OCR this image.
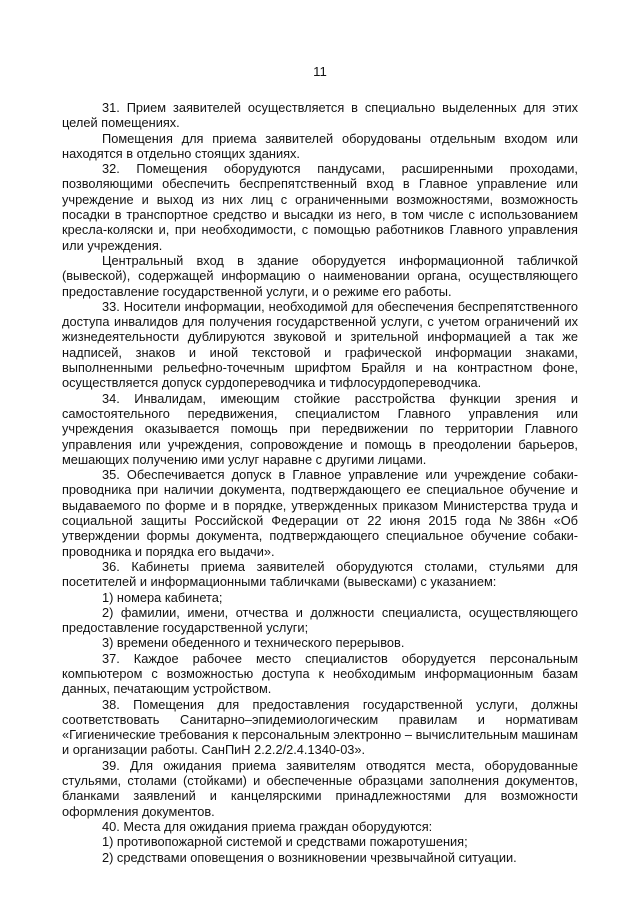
11

31. Прием заявителей осуществляется в специально выделенных для этих целей помещениях.

Помещения для приема заявителей оборудованы отдельным входом или находятся в отдельно стоящих зданиях.

32. Помещения оборудуются пандусами, расширенными проходами, позволяющими обеспечить беспрепятственный вход в Главное управление или учреждение и выход из них лиц с ограниченными возможностями, возможность посадки в транспортное средство и высадки из него, в том числе с использованием кресла-коляски и, при необходимости, с помощью работников Главного управления или учреждения.

Центральный вход в здание оборудуется информационной табличкой (вывеской), содержащей информацию о наименовании органа, осуществляющего предоставление государственной услуги, и о режиме его работы.

33. Носители информации, необходимой для обеспечения беспрепятственного доступа инвалидов для получения государственной услуги, с учетом ограничений их жизнедеятельности дублируются звуковой и зрительной информацией а так же надписей, знаков и иной текстовой и графической информации знаками, выполненными рельефно-точечным шрифтом Брайля и на контрастном фоне, осуществляется допуск сурдопереводчика и тифлосурдопереводчика.

34. Инвалидам, имеющим стойкие расстройства функции зрения и самостоятельного передвижения, специалистом Главного управления или учреждения оказывается помощь при передвижении по территории Главного управления или учреждения, сопровождение и помощь в преодолении барьеров, мешающих получению ими услуг наравне с другими лицами.

35. Обеспечивается допуск в Главное управление или учреждение собаки-проводника при наличии документа, подтверждающего ее специальное обучение и выдаваемого по форме и в порядке, утвержденных приказом Министерства труда и социальной защиты Российской Федерации от 22 июня 2015 года №386н «Об утверждении формы документа, подтверждающего специальное обучение собаки-проводника и порядка его выдачи».

36. Кабинеты приема заявителей оборудуются столами, стульями для посетителей и информационными табличками (вывесками) с указанием:

1) номера кабинета;

2) фамилии, имени, отчества и должности специалиста, осуществляющего предоставление государственной услуги;

3) времени обеденного и технического перерывов.

37. Каждое рабочее место специалистов оборудуется персональным компьютером с возможностью доступа к необходимым информационным базам данных, печатающим устройством.

38. Помещения для предоставления государственной услуги, должны соответствовать Санитарно–эпидемиологическим правилам и нормативам «Гигиенические требования к персональным электронно – вычислительным машинам и организации работы. СанПиН 2.2.2/2.4.1340-03».

39. Для ожидания приема заявителям отводятся места, оборудованные стульями, столами (стойками) и обеспеченные образцами заполнения документов, бланками заявлений и канцелярскими принадлежностями для возможности оформления документов.

40. Места для ожидания приема граждан оборудуются:

1) противопожарной системой и средствами пожаротушения;

2) средствами оповещения о возникновении чрезвычайной ситуации.
